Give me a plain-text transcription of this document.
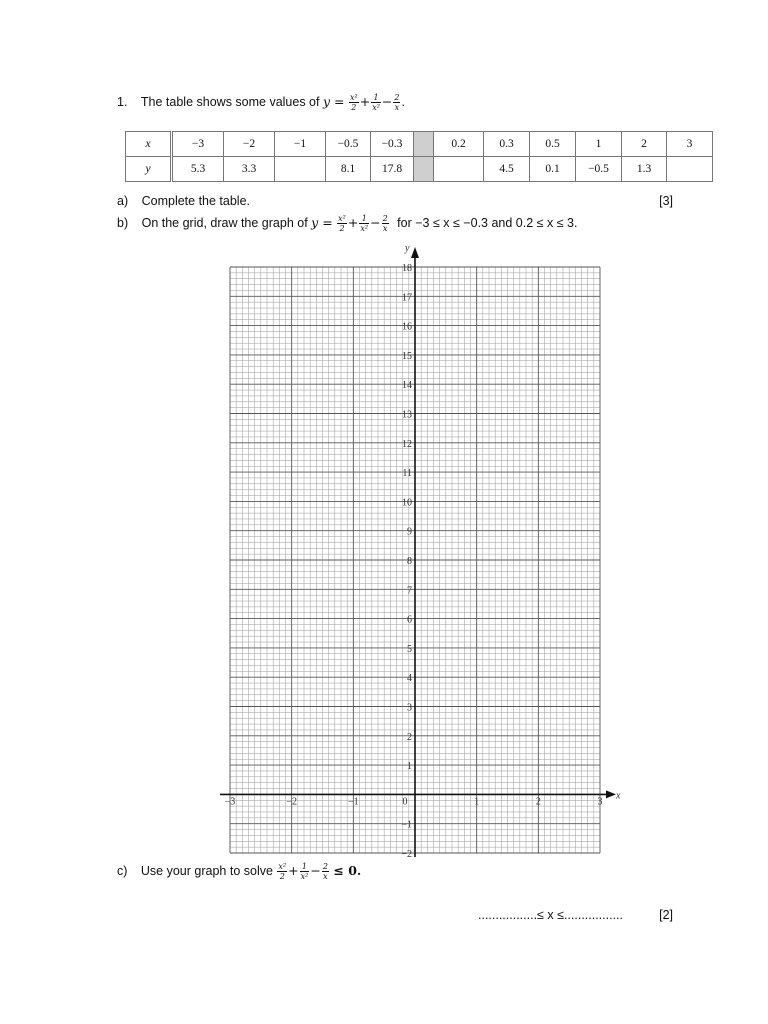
1. The table shows some values of $y = \frac{\text{x²}}{2} + \frac{1}{\text{x²}} - \frac{2}{x}$ .
x	−3	−2	−1	−0.5	−0.3		0.2	0.3	0.5	1	2	3
y	5.3	3.3		8.1	17.8			4.5	0.1	−0.5	1.3	
a) Complete the table.	[3]
b) On the grid, draw the graph of $y = \frac{\text{x²}}{2} + \frac{1}{\text{x²}} - \frac{2}{x}$ for −3 ≤ x ≤ −0.3 and 0.2 ≤ x ≤ 3.
−3	−2	−1	0	1	2	3
−2
−1
1
2
3
4
5
6
7
8
9
10
11
12
13
14
15
16
17
18
x
y
c) Use your graph to solve $\frac{\text{x²}}{2} + \frac{1}{\text{x²}} - \frac{2}{x} \le 0$.
.................≤ x ≤.................	[2]
